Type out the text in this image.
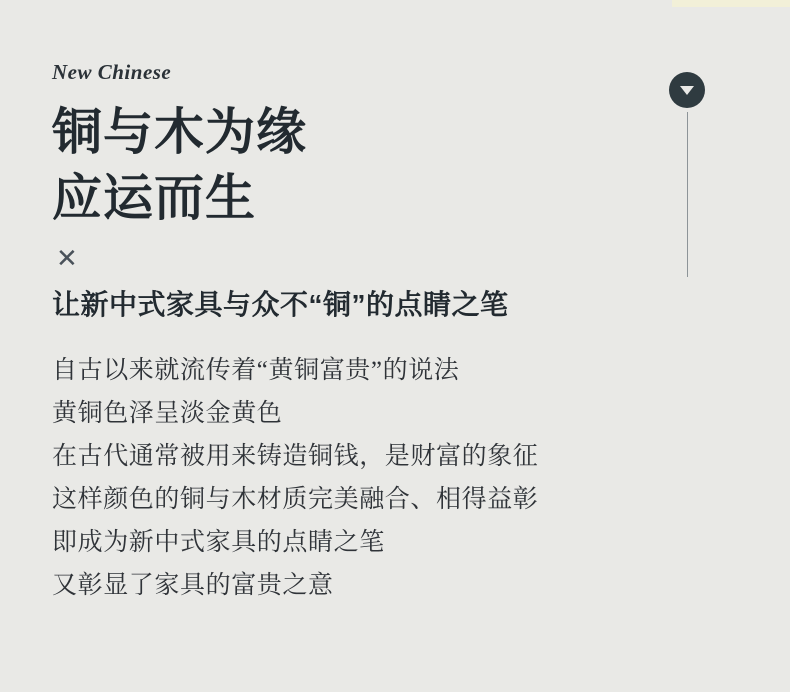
New Chinese
铜与木为缘
应运而生
✕
让新中式家具与众不“铜”的点睛之笔
自古以来就流传着“黄铜富贵”的说法
黄铜色泽呈淡金黄色
在古代通常被用来铸造铜钱，是财富的象征
这样颜色的铜与木材质完美融合、相得益彰
即成为新中式家具的点睛之笔
又彰显了家具的富贵之意
